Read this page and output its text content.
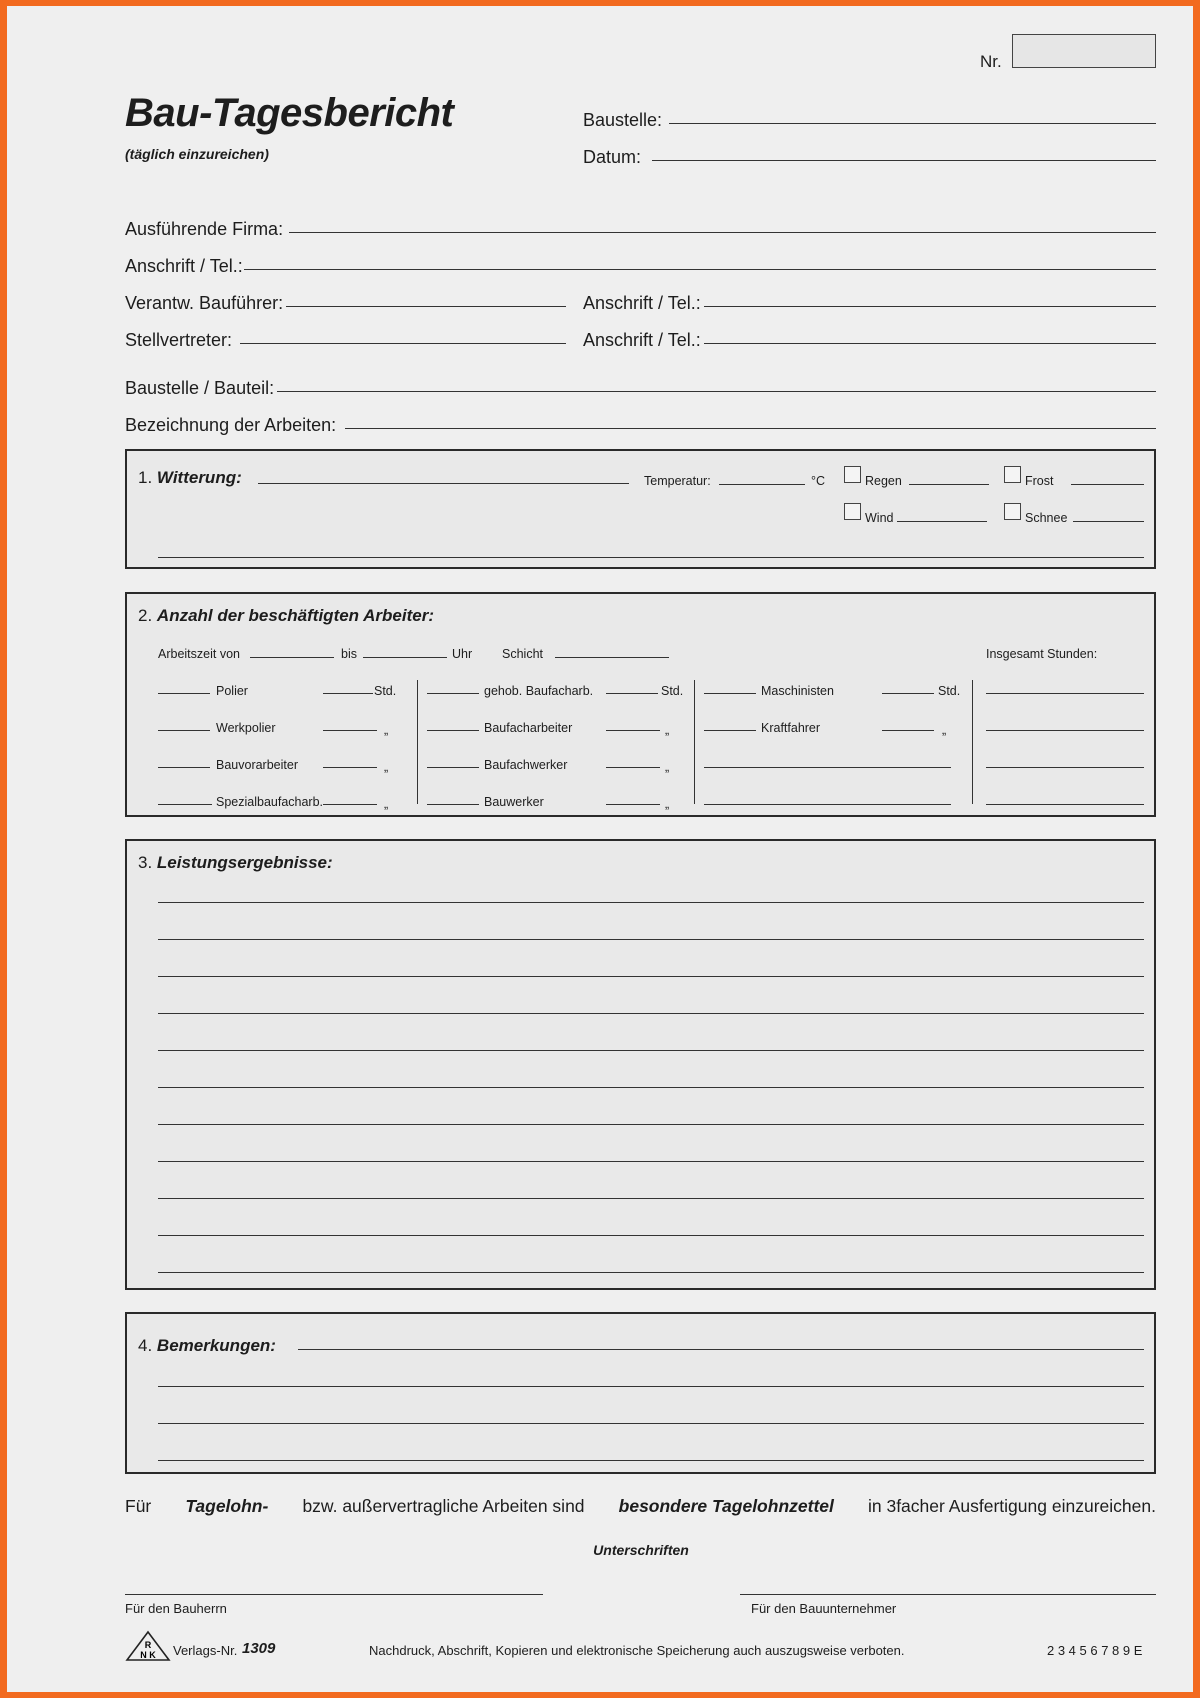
Nr.
Bau-Tagesbericht
(täglich einzureichen)
Baustelle:
Datum:
Ausführende Firma:
Anschrift / Tel.:
Verantw. Bauführer:	Anschrift / Tel.:
Stellvertreter:	Anschrift / Tel.:
Baustelle / Bauteil:
Bezeichnung der Arbeiten:
1. Witterung:	Temperatur:	°C	Regen	Frost
Wind	Schnee
2. Anzahl der beschäftigten Arbeiter:
Arbeitszeit von	bis	Uhr Schicht	Insgesamt Stunden:
Polier	Std.
Werkpolier	„
Bauvorarbeiter	„
Spezialbaufacharb.	„
gehob. Baufacharb.	Std.
Baufacharbeiter	„
Baufachwerker	„
Bauwerker	„
Maschinisten	Std.
Kraftfahrer	„
3. Leistungsergebnisse:
4. Bemerkungen:
Für Tagelohn- bzw. außervertragliche Arbeiten sind besondere Tagelohnzettel in 3facher Ausfertigung einzureichen.
Unterschriften
Für den Bauherrn	Für den Bauunternehmer
R
N K Verlags-Nr. 1309	Nachdruck, Abschrift, Kopieren und elektronische Speicherung auch auszugsweise verboten.	2 3 4 5 6 7 8 9 E
